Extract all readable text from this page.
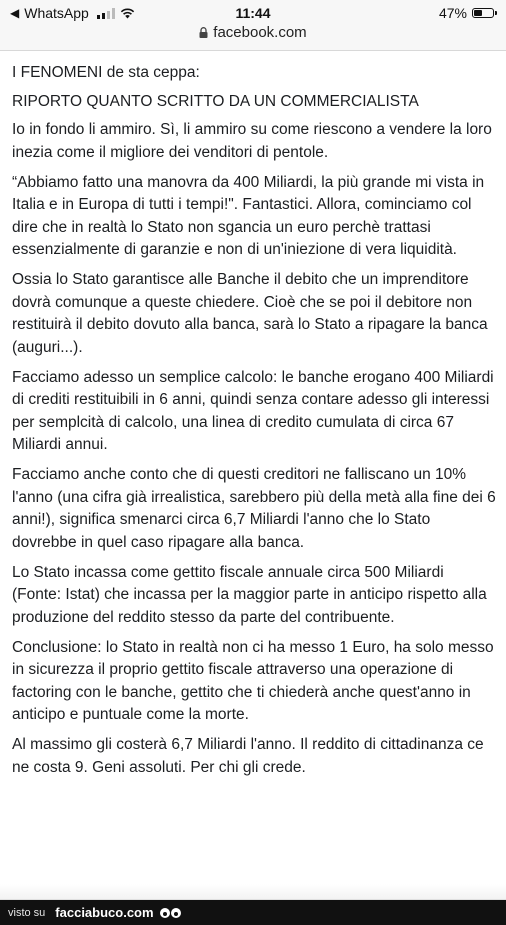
◀ WhatsApp	11:44	47%
facebook.com

I FENOMENI de sta ceppa:

RIPORTO QUANTO SCRITTO DA UN COMMERCIALISTA

Io in fondo li ammiro. Sì, li ammiro su come riescono a vendere la loro inezia come il migliore dei venditori di pentole.

“Abbiamo fatto una manovra da 400 Miliardi, la più grande mi vista in Italia e in Europa di tutti i tempi!". Fantastici. Allora, cominciamo col dire che in realtà lo Stato non sgancia un euro perchè trattasi essenzialmente di garanzie e non di un'iniezione di vera liquidità.

Ossia lo Stato garantisce alle Banche il debito che un imprenditore dovrà comunque a queste chiedere. Cioè che se poi il debitore non restituirà il debito dovuto alla banca, sarà lo Stato a ripagare la banca (auguri...).

Facciamo adesso un semplice calcolo: le banche erogano 400 Miliardi di crediti restituibili in 6 anni, quindi senza contare adesso gli interessi per semplcità di calcolo, una linea di credito cumulata di circa 67 Miliardi annui.

Facciamo anche conto che di questi creditori ne falliscano un 10% l'anno (una cifra già irrealistica, sarebbero più della metà alla fine dei 6 anni!), significa smenarci circa 6,7 Miliardi l'anno che lo Stato dovrebbe in quel caso ripagare alla banca.

Lo Stato incassa come gettito fiscale annuale circa 500 Miliardi (Fonte: Istat) che incassa per la maggior parte in anticipo rispetto alla produzione del reddito stesso da parte del contribuente.

Conclusione: lo Stato in realtà non ci ha messo 1 Euro, ha solo messo in sicurezza il proprio gettito fiscale attraverso una operazione di factoring con le banche, gettito che ti chiederà anche quest'anno in anticipo e puntuale come la morte.

Al massimo gli costerà 6,7 Miliardi l'anno. Il reddito di cittadinanza ce ne costa 9. Geni assoluti. Per chi gli crede.

visto su facciabuco.com
